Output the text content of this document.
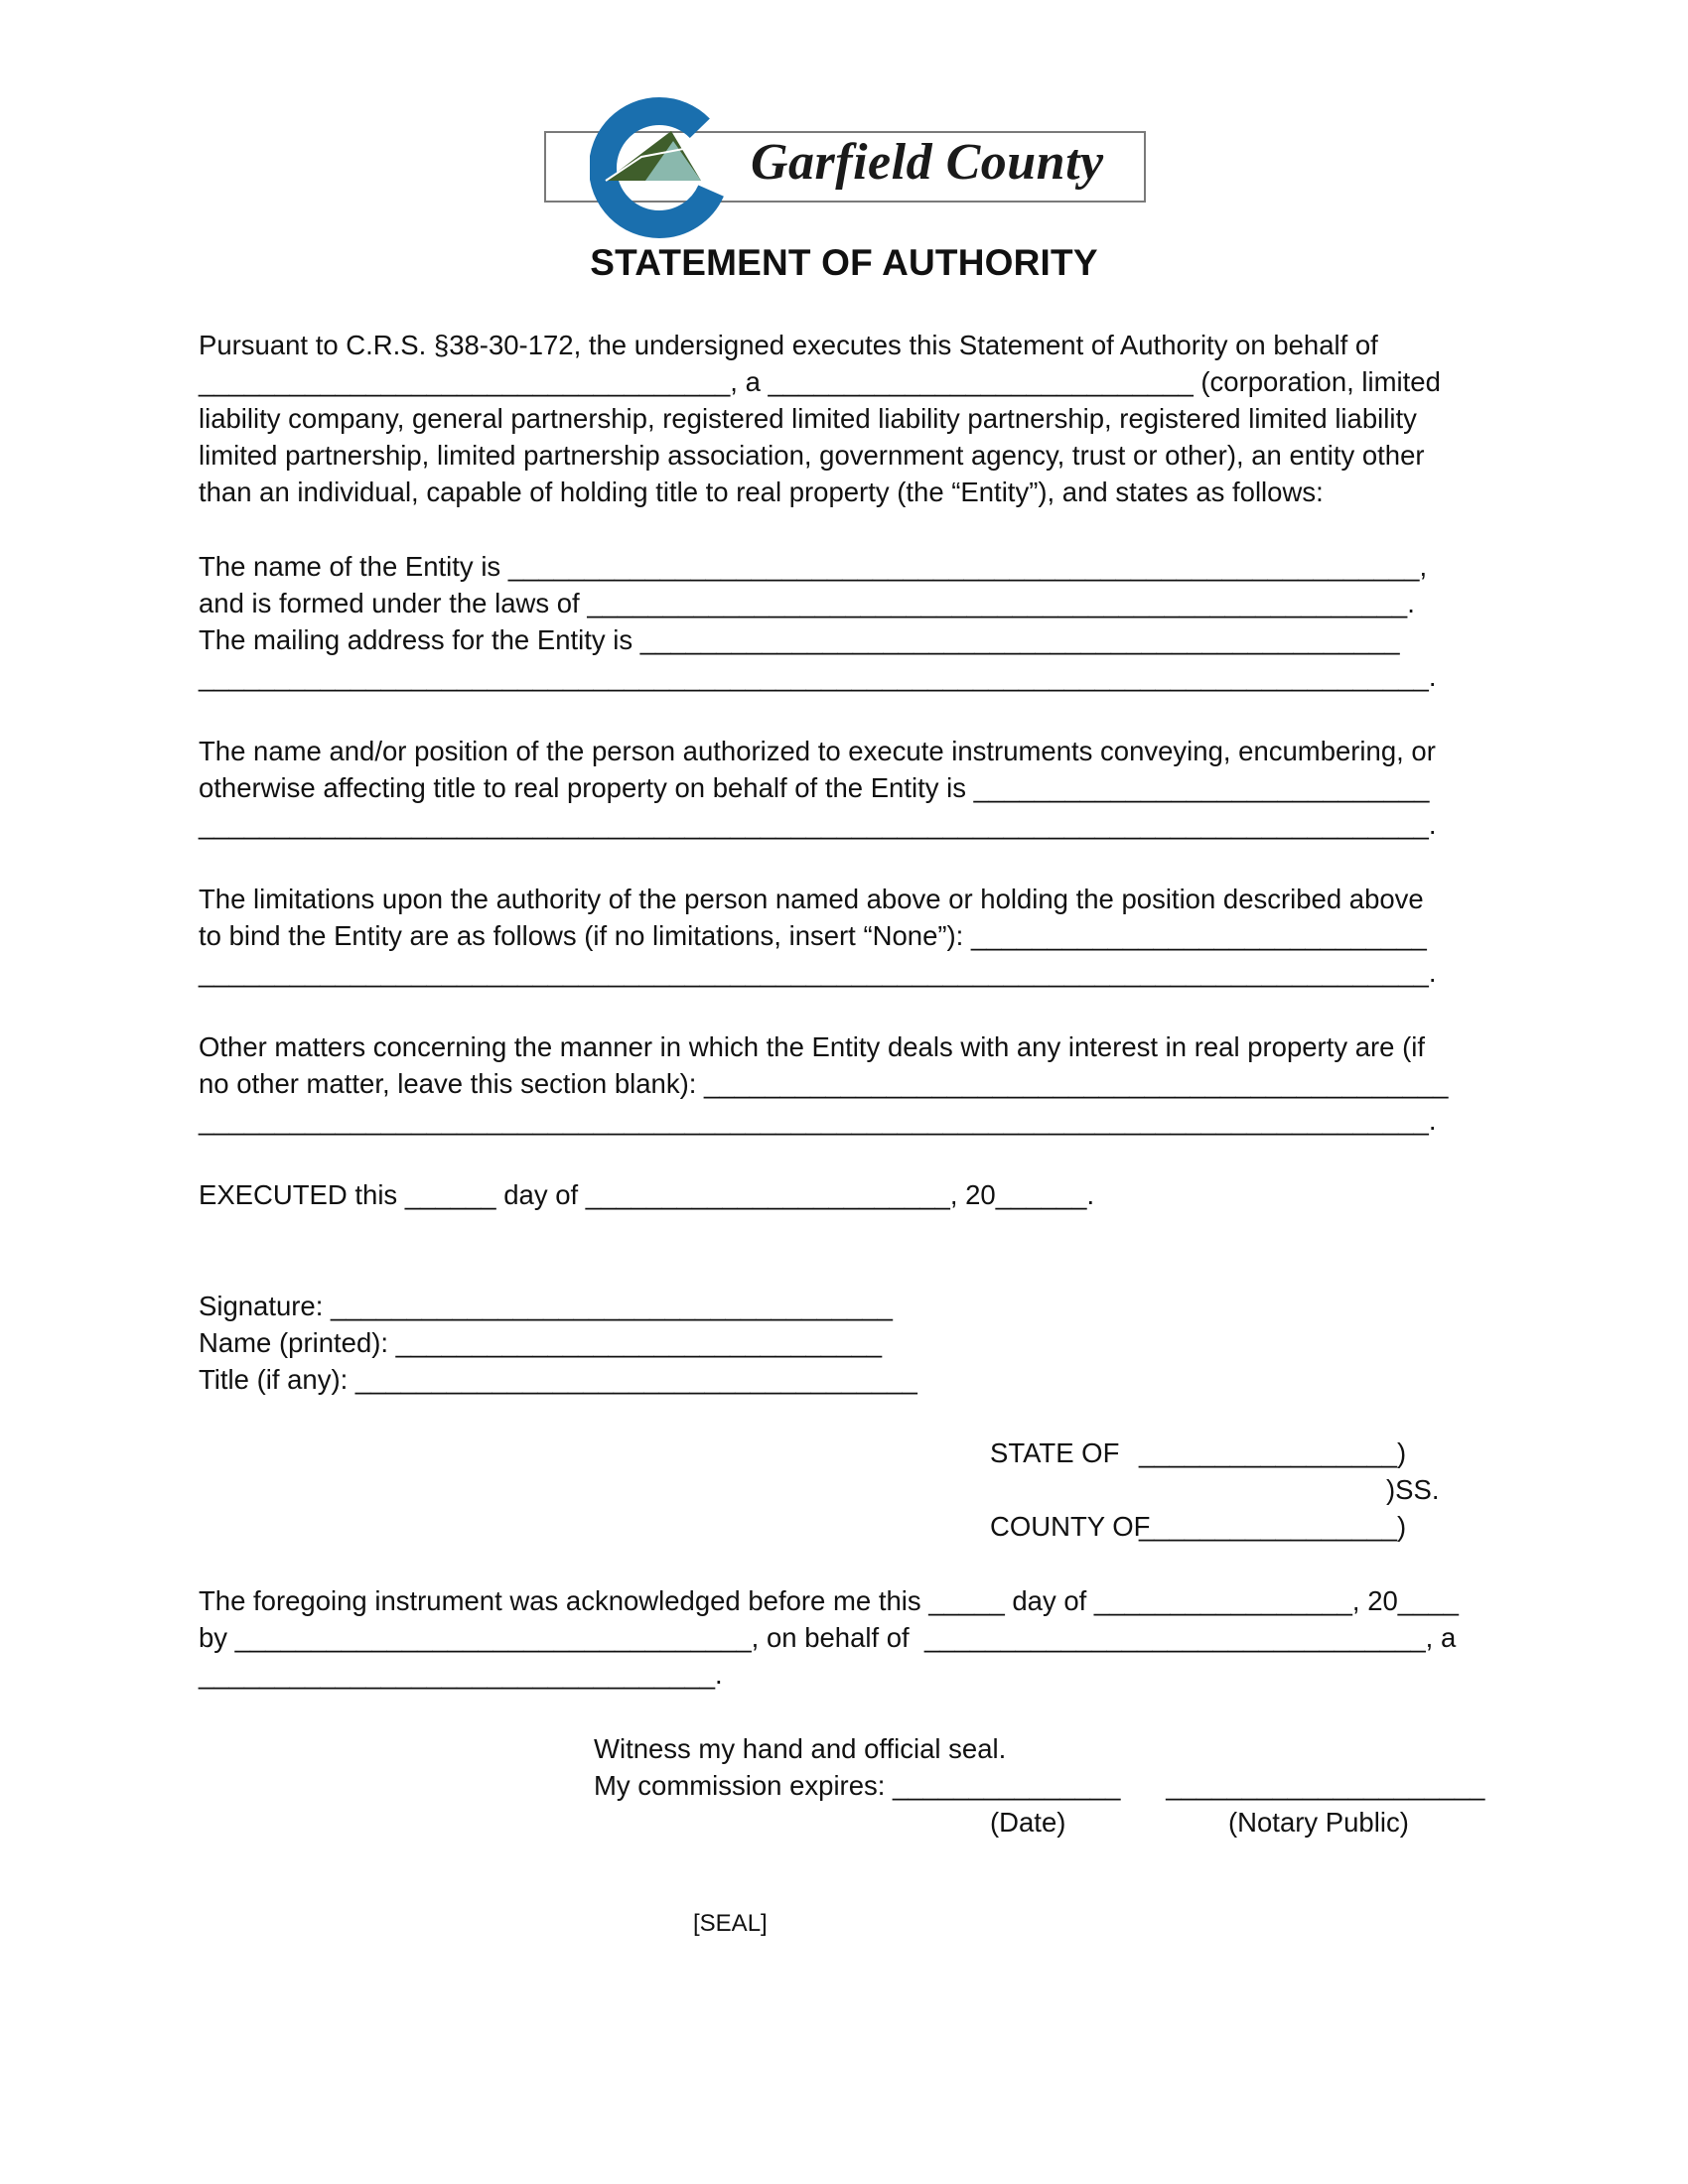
Garfield County
STATEMENT OF AUTHORITY
Pursuant to C.R.S. §38-30-172, the undersigned executes this Statement of Authority on behalf of
___________________________________, a ____________________________ (corporation, limited
liability company, general partnership, registered limited liability partnership, registered limited liability
limited partnership, limited partnership association, government agency, trust or other), an entity other
than an individual, capable of holding title to real property (the “Entity”), and states as follows:
The name of the Entity is ____________________________________________________________,
and is formed under the laws of ______________________________________________________.
The mailing address for the Entity is __________________________________________________
_________________________________________________________________________________.
The name and/or position of the person authorized to execute instruments conveying, encumbering, or
otherwise affecting title to real property on behalf of the Entity is ______________________________
_________________________________________________________________________________.
The limitations upon the authority of the person named above or holding the position described above
to bind the Entity are as follows (if no limitations, insert “None”): ______________________________
_________________________________________________________________________________.
Other matters concerning the manner in which the Entity deals with any interest in real property are (if
no other matter, leave this section blank): _________________________________________________
_________________________________________________________________________________.
EXECUTED this ______ day of ________________________, 20______.
Signature: _____________________________________
Name (printed): ________________________________
Title (if any): _____________________________________
STATE OF _________________)
)SS.
COUNTY OF
_________________)
The foregoing instrument was acknowledged before me this _____ day of _________________, 20____
by __________________________________, on behalf of  _________________________________, a
__________________________________.
Witness my hand and official seal.
My commission expires: _______________      _____________________
(Date)	(Notary Public)
[SEAL]
